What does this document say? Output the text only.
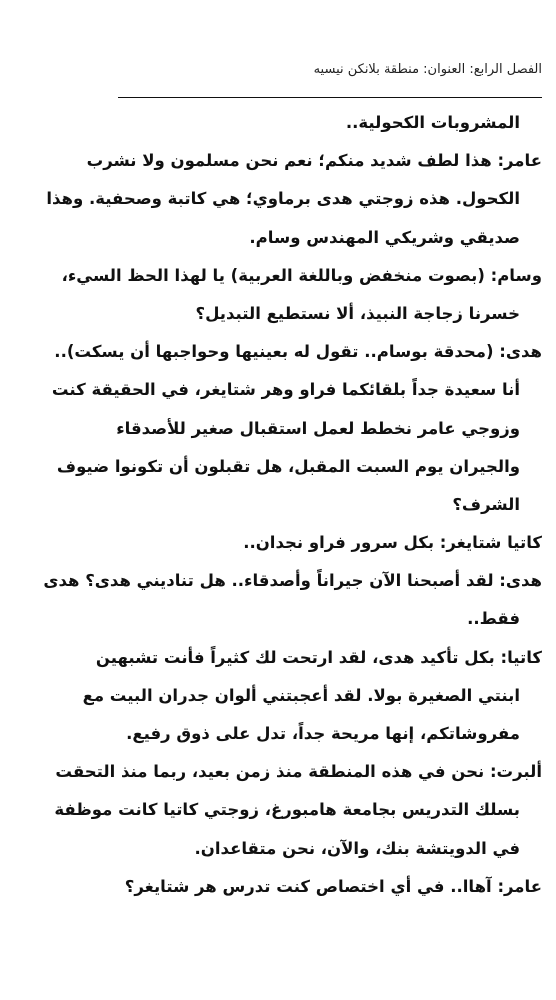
الفصل الرابع: العنوان: منطقة بلانكن نيسيه
المشروبات الكحولية..
عامر: هذا لطف شديد منكم؛ نعم نحن مسلمون ولا نشرب
الكحول. هذه زوجتي هدى برماوي؛ هي كاتبة وصحفية. وهذا
صديقي وشريكي المهندس وسام.
وسام: (بصوت منخفض وباللغة العربية) يا لهذا الحظ السيء،
خسرنا زجاجة النبيذ، ألا نستطيع التبديل؟
هدى: (محدقة بوسام.. تقول له بعينيها وحواجبها أن يسكت)..
أنا سعيدة جداً بلقائكما فراو وهر شتايغر، في الحقيقة كنت
وزوجي عامر نخطط لعمل استقبال صغير للأصدقاء
والجيران يوم السبت المقبل، هل تقبلون أن تكونوا ضيوف
الشرف؟
كاتيا شتايغر: بكل سرور فراو نجدان..
هدى: لقد أصبحنا الآن جيراناً وأصدقاء.. هل تناديني هدى؟ هدى
فقط..
كاتيا: بكل تأكيد هدى، لقد ارتحت لك كثيراً فأنت تشبهين
ابنتي الصغيرة بولا. لقد أعجبتني ألوان جدران البيت مع
مفروشاتكم، إنها مريحة جداً، تدل على ذوق رفيع.
ألبرت: نحن في هذه المنطقة منذ زمن بعيد، ربما منذ التحقت
بسلك التدريس بجامعة هامبورغ، زوجتي كاتيا كانت موظفة
في الدويتشة بنك، والآن، نحن متقاعدان.
عامر: آهاا.. في أي اختصاص كنت تدرس هر شتايغر؟
